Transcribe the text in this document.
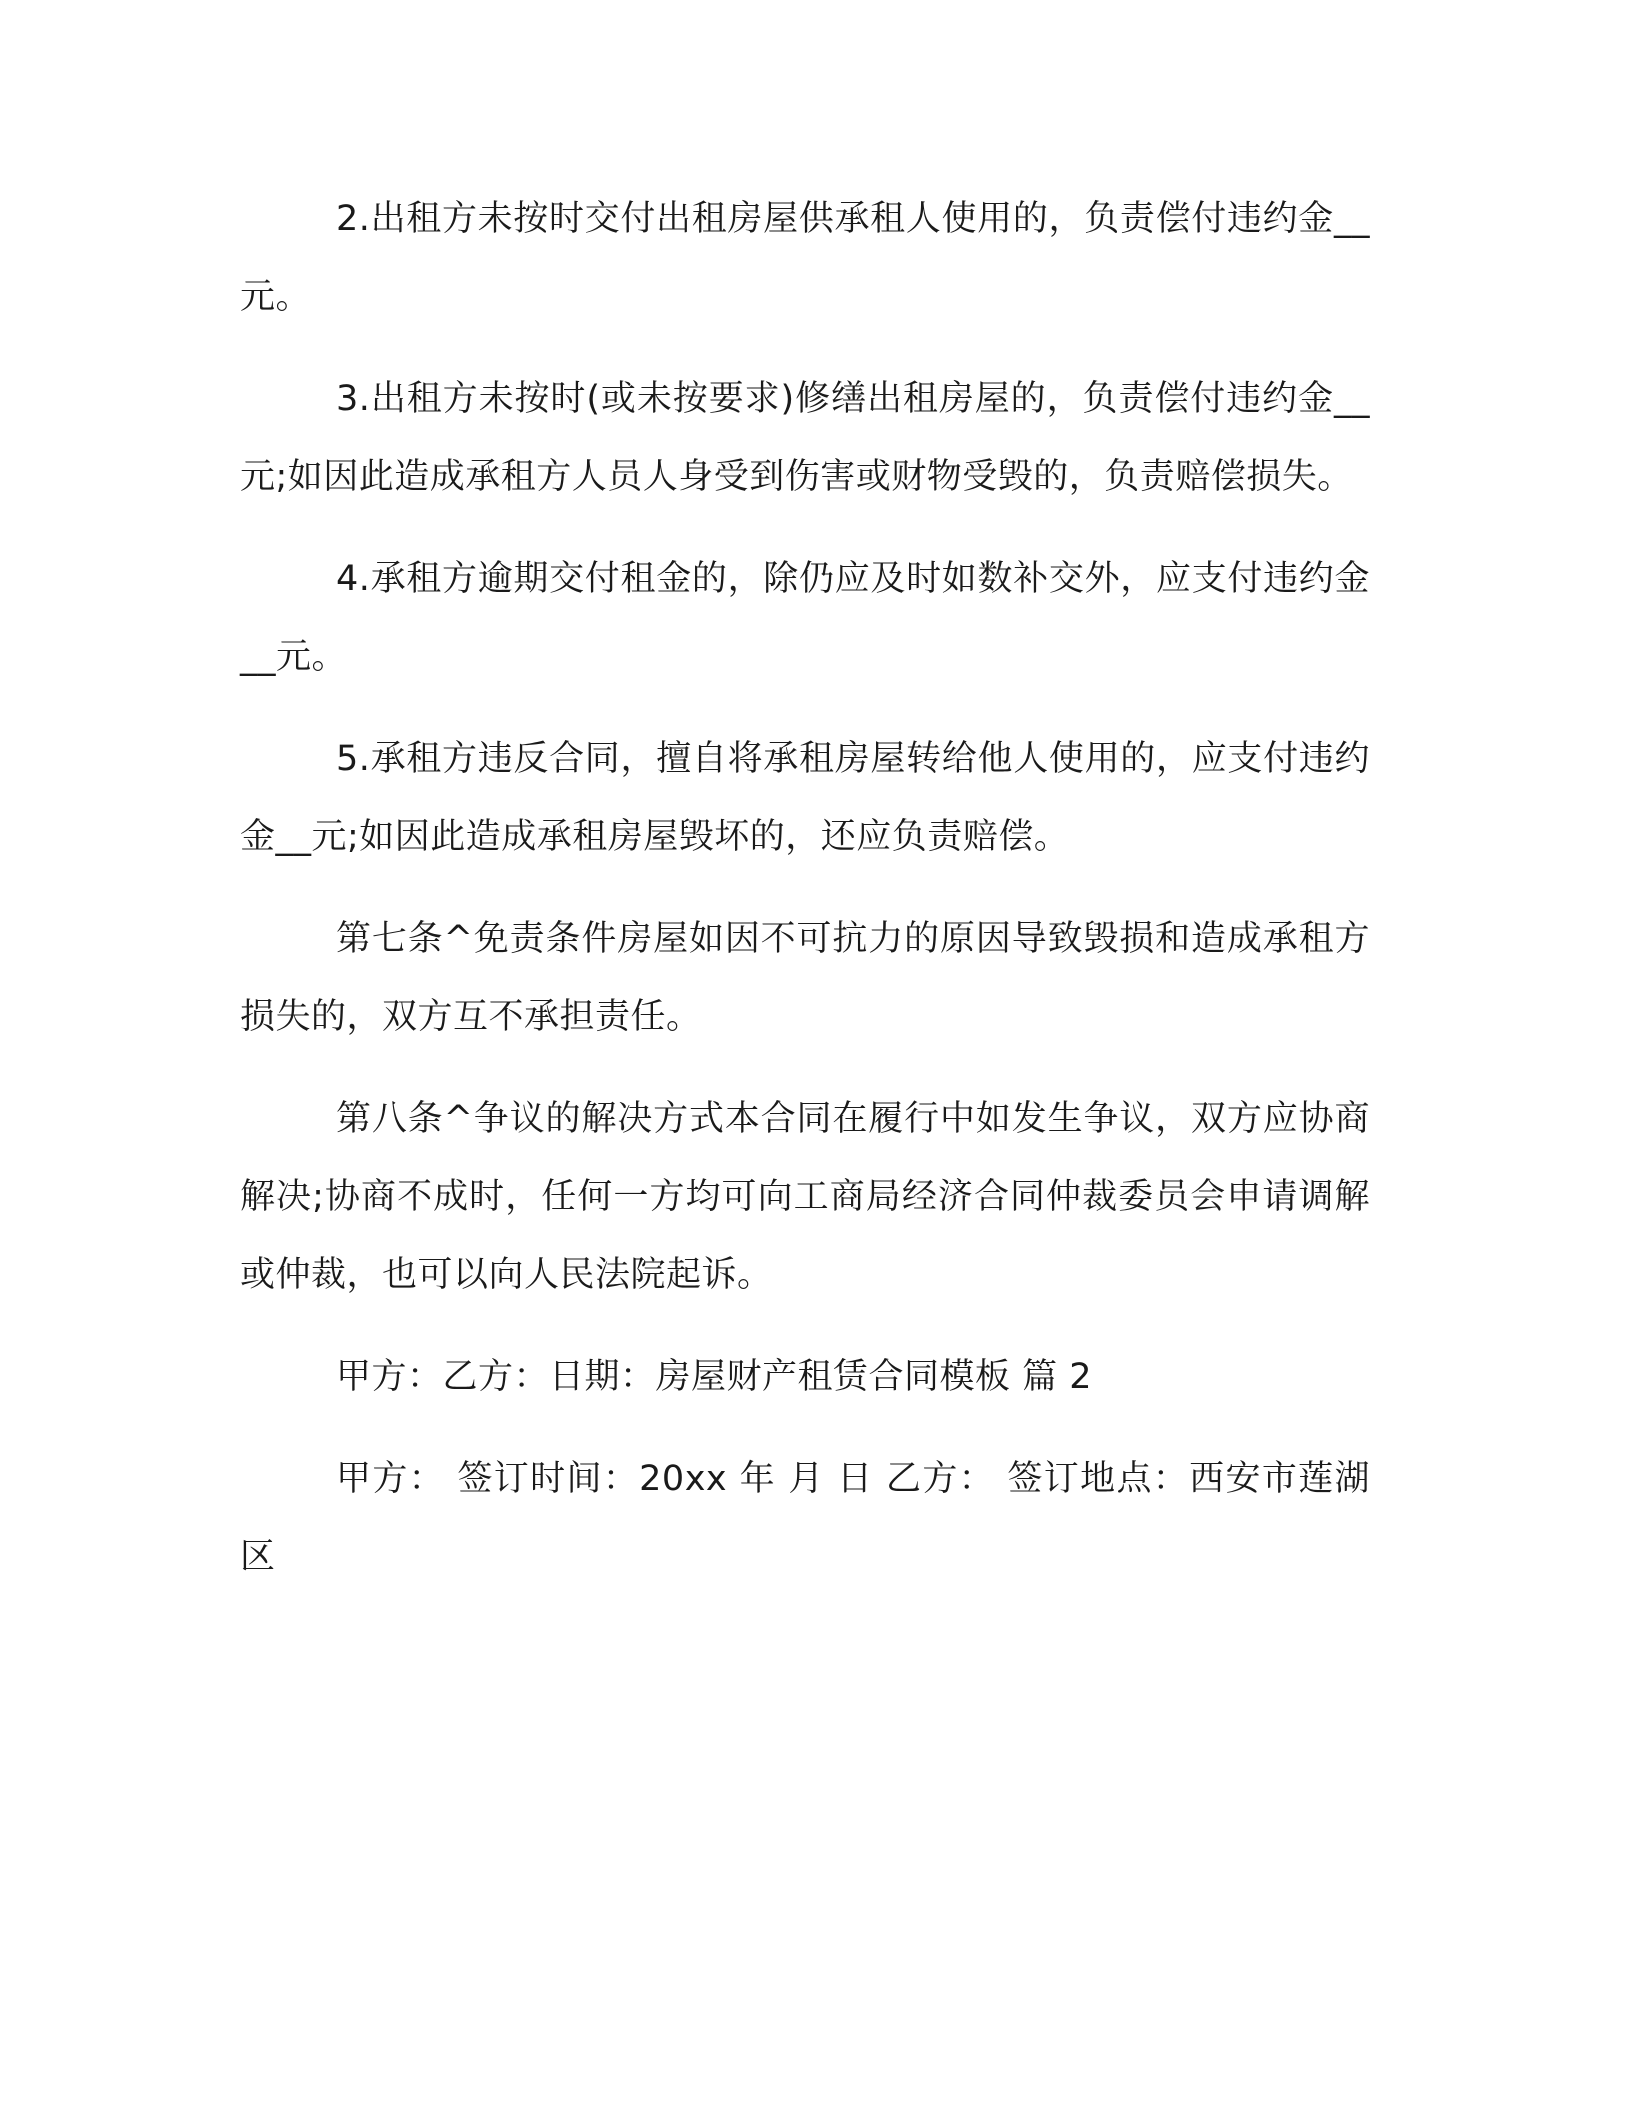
2.出租方未按时交付出租房屋供承租人使用的，负责偿付违约金__元。

3.出租方未按时(或未按要求)修缮出租房屋的，负责偿付违约金__元;如因此造成承租方人员人身受到伤害或财物受毁的，负责赔偿损失。

4.承租方逾期交付租金的，除仍应及时如数补交外，应支付违约金__元。

5.承租方违反合同，擅自将承租房屋转给他人使用的，应支付违约金__元;如因此造成承租房屋毁坏的，还应负责赔偿。

第七条^免责条件房屋如因不可抗力的原因导致毁损和造成承租方损失的，双方互不承担责任。

第八条^争议的解决方式本合同在履行中如发生争议，双方应协商解决;协商不成时，任何一方均可向工商局经济合同仲裁委员会申请调解或仲裁，也可以向人民法院起诉。

甲方：乙方：日期：房屋财产租赁合同模板 篇 2

甲方： 签订时间：20xx 年 月 日 乙方： 签订地点：西安市莲湖区
